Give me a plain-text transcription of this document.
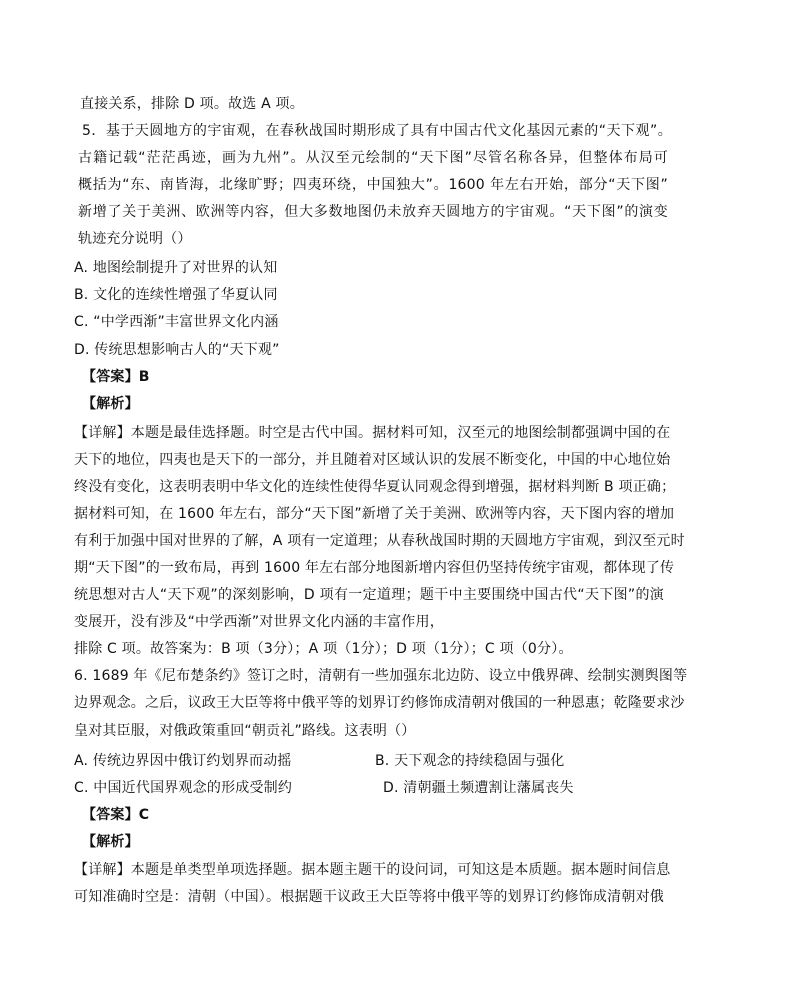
直接关系，排除 D 项。故选 A 项。
5．基于天圆地方的宇宙观，在春秋战国时期形成了具有中国古代文化基因元素的“天下观”。
古籍记载“茫茫禹迹，画为九州”。从汉至元绘制的“天下图”尽管名称各异，但整体布局可
概括为“东、南皆海，北缘旷野；四夷环绕，中国独大”。1600 年左右开始，部分“天下图”
新增了关于美洲、欧洲等内容，但大多数地图仍未放弃天圆地方的宇宙观。“天下图”的演变
轨迹充分说明（）
A. 地图绘制提升了对世界的认知
B. 文化的连续性增强了华夏认同
C. “中学西渐”丰富世界文化内涵
D. 传统思想影响古人的“天下观”
【答案】B
【解析】
【详解】本题是最佳选择题。时空是古代中国。据材料可知，汉至元的地图绘制都强调中国的在
天下的地位，四夷也是天下的一部分，并且随着对区域认识的发展不断变化，中国的中心地位始
终没有变化，这表明表明中华文化的连续性使得华夏认同观念得到增强，据材料判断 B 项正确；
据材料可知，在 1600 年左右，部分“天下图”新增了关于美洲、欧洲等内容，天下图内容的增加
有利于加强中国对世界的了解，A 项有一定道理；从春秋战国时期的天圆地方宇宙观，到汉至元时
期“天下图”的一致布局，再到 1600 年左右部分地图新增内容但仍坚持传统宇宙观，都体现了传
统思想对古人“天下观”的深刻影响，D 项有一定道理；题干中主要围绕中国古代“天下图”的演
变展开，没有涉及“中学西渐”对世界文化内涵的丰富作用，
排除 C 项。故答案为：B 项（3分）；A 项（1分）；D 项（1分）；C 项（0分）。
6. 1689 年《尼布楚条约》签订之时，清朝有一些加强东北边防、设立中俄界碑、绘制实测舆图等
边界观念。之后，议政王大臣等将中俄平等的划界订约修饰成清朝对俄国的一种恩惠；乾隆要求沙
皇对其臣服，对俄政策重回“朝贡礼”路线。这表明（）
A. 传统边界因中俄订约划界而动摇	B. 天下观念的持续稳固与强化
C. 中国近代国界观念的形成受制约	D. 清朝疆土频遭割让藩属丧失
【答案】C
【解析】
【详解】本题是单类型单项选择题。据本题主题干的设问词，可知这是本质题。据本题时间信息
可知准确时空是：清朝（中国）。根据题干议政王大臣等将中俄平等的划界订约修饰成清朝对俄
